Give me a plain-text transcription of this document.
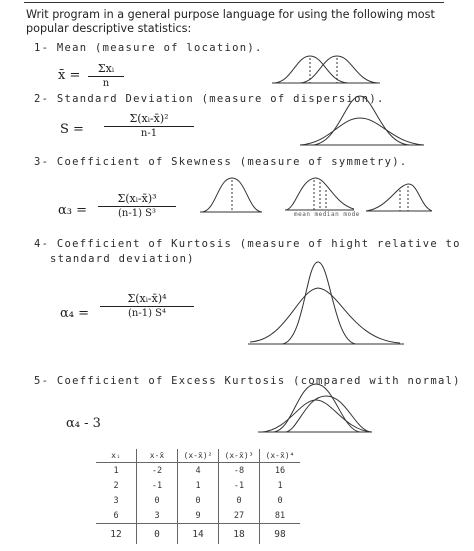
Writ program in a general purpose language for using the following most popular descriptive statistics:
1- Mean (measure of location).
x̄ =	Σxᵢ
n
2- Standard Deviation (measure of dispersion).
S =
Σ(xᵢ-x̄)²
n-1
3- Coefficient of Skewness (measure of symmetry).
α₃ =
Σ(xᵢ-x̄)³
(n-1) S³	mean median mode
4- Coefficient of Kurtosis (measure of hight relative to
standard deviation)
α₄ =
Σ(xᵢ-x̄)⁴
(n-1) S⁴
5- Coefficient of Excess Kurtosis (compared with normal)
α₄ - 3
xᵢ	x-x̄	(x-x̄)²	(x-x̄)³	(x-x̄)⁴
1	-2	4	-8	16
2	-1	1	-1	1
3	0	0	0	0
6	3	9	27	81
12	0	14	18	98
